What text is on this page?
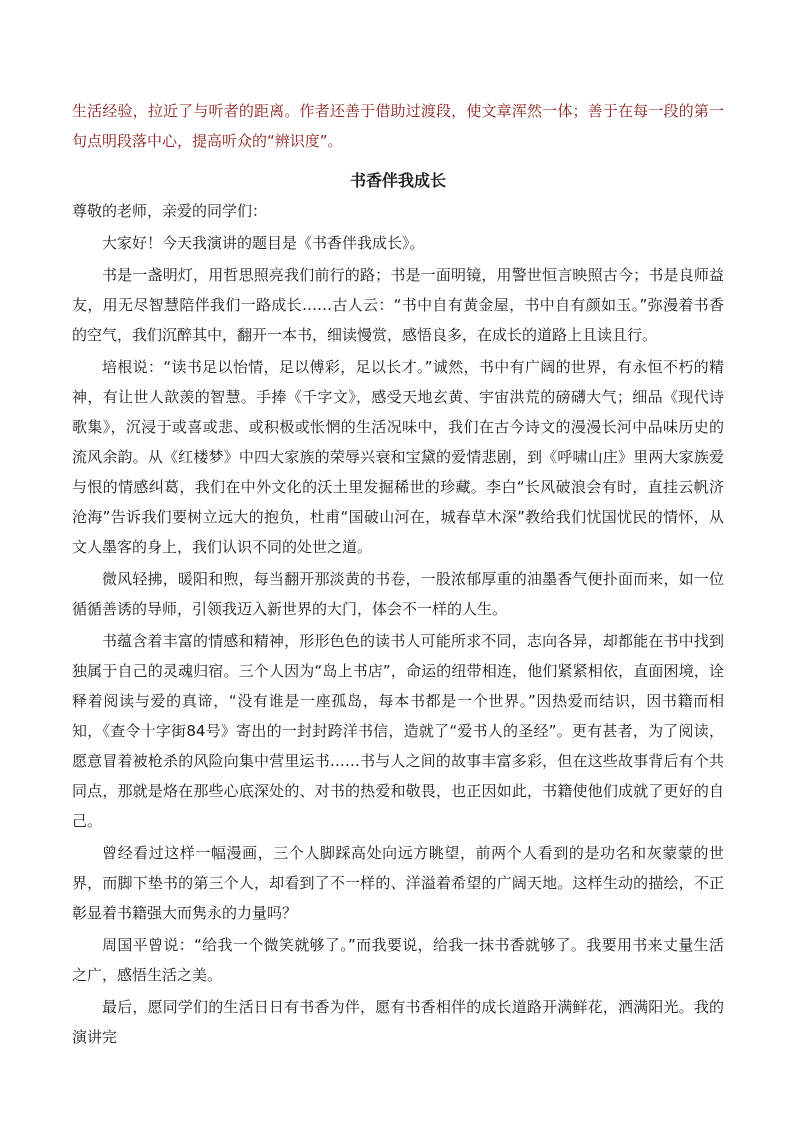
生活经验，拉近了与听者的距离。作者还善于借助过渡段，使文章浑然一体；善于在每一段的第一句点明段落中心，提高听众的“辨识度”。

书香伴我成长

尊敬的老师，亲爱的同学们：

大家好！今天我演讲的题目是《书香伴我成长》。

书是一盏明灯，用哲思照亮我们前行的路；书是一面明镜，用警世恒言映照古今；书是良师益友，用无尽智慧陪伴我们一路成长……古人云：“书中自有黄金屋，书中自有颜如玉。”弥漫着书香的空气，我们沉醉其中，翻开一本书，细读慢赏，感悟良多，在成长的道路上且读且行。

培根说：“读书足以怡情，足以傅彩，足以长才。”诚然，书中有广阔的世界，有永恒不朽的精神，有让世人歆羡的智慧。手捧《千字文》，感受天地玄黄、宇宙洪荒的磅礴大气；细品《现代诗歌集》，沉浸于或喜或悲、或积极或怅惘的生活况味中，我们在古今诗文的漫漫长河中品味历史的流风余韵。从《红楼梦》中四大家族的荣辱兴衰和宝黛的爱情悲剧，到《呼啸山庄》里两大家族爱与恨的情感纠葛，我们在中外文化的沃土里发掘稀世的珍藏。李白“长风破浪会有时，直挂云帆济沧海”告诉我们要树立远大的抱负，杜甫“国破山河在，城春草木深”教给我们忧国忧民的情怀，从文人墨客的身上，我们认识不同的处世之道。

微风轻拂，暖阳和煦，每当翻开那淡黄的书卷，一股浓郁厚重的油墨香气便扑面而来，如一位循循善诱的导师，引领我迈入新世界的大门，体会不一样的人生。

书蕴含着丰富的情感和精神，形形色色的读书人可能所求不同，志向各异，却都能在书中找到独属于自己的灵魂归宿。三个人因为“岛上书店”，命运的纽带相连，他们紧紧相依，直面困境，诠释着阅读与爱的真谛，“没有谁是一座孤岛，每本书都是一个世界。”因热爱而结识，因书籍而相知，《查令十字街84号》寄出的一封封跨洋书信，造就了“爱书人的圣经”。更有甚者，为了阅读，愿意冒着被枪杀的风险向集中营里运书……书与人之间的故事丰富多彩，但在这些故事背后有个共同点，那就是烙在那些心底深处的、对书的热爱和敬畏，也正因如此，书籍使他们成就了更好的自己。

曾经看过这样一幅漫画，三个人脚踩高处向远方眺望，前两个人看到的是功名和灰蒙蒙的世界，而脚下垫书的第三个人，却看到了不一样的、洋溢着希望的广阔天地。这样生动的描绘，不正彰显着书籍强大而隽永的力量吗？

周国平曾说：“给我一个微笑就够了。”而我要说，给我一抹书香就够了。我要用书来丈量生活之广，感悟生活之美。

最后，愿同学们的生活日日有书香为伴，愿有书香相伴的成长道路开满鲜花，洒满阳光。我的演讲完
